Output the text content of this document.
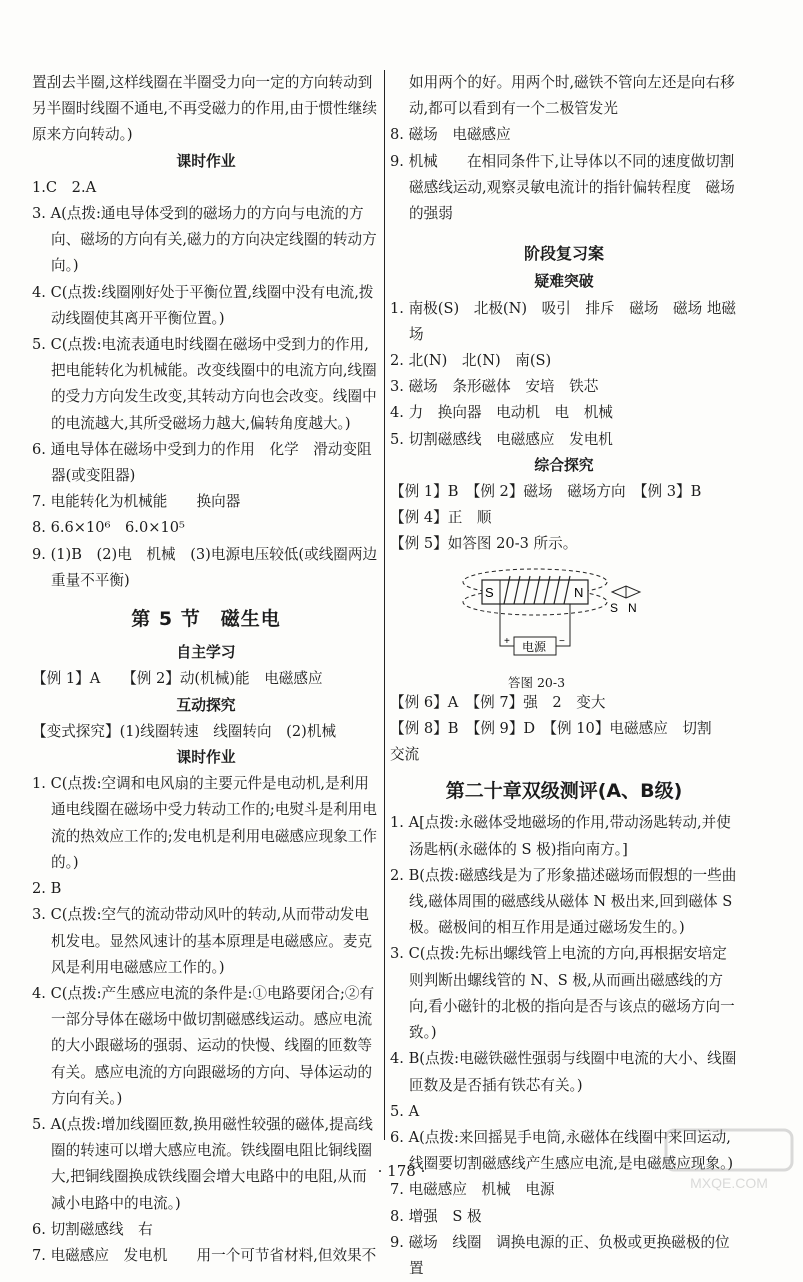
置刮去半圈,这样线圈在半圈受力向一定的方向转动到另半圈时线圈不通电,不再受磁力的作用,由于惯性继续原来方向转动。)

课时作业

1.C　2.A

3. A(点拨:通电导体受到的磁场力的方向与电流的方向、磁场的方向有关,磁力的方向决定线圈的转动方向。)

4. C(点拨:线圈刚好处于平衡位置,线圈中没有电流,拨动线圈使其离开平衡位置。)

5. C(点拨:电流表通电时线圈在磁场中受到力的作用,把电能转化为机械能。改变线圈中的电流方向,线圈的受力方向发生改变,其转动方向也会改变。线圈中的电流越大,其所受磁场力越大,偏转角度越大。)

6. 通电导体在磁场中受到力的作用　化学　滑动变阻器(或变阻器)

7. 电能转化为机械能　　换向器

8. 6.6×10⁶　6.0×10⁵

9. (1)B　(2)电　机械　(3)电源电压较低(或线圈两边重量不平衡)

第 5 节　磁生电

自主学习

【例 1】A　　【例 2】动(机械)能　电磁感应

互动探究

【变式探究】(1)线圈转速　线圈转向　(2)机械

课时作业

1. C(点拨:空调和电风扇的主要元件是电动机,是利用通电线圈在磁场中受力转动工作的;电熨斗是利用电流的热效应工作的;发电机是利用电磁感应现象工作的。)

2. B

3. C(点拨:空气的流动带动风叶的转动,从而带动发电机发电。显然风速计的基本原理是电磁感应。麦克风是利用电磁感应工作的。)

4. C(点拨:产生感应电流的条件是:①电路要闭合;②有一部分导体在磁场中做切割磁感线运动。感应电流的大小跟磁场的强弱、运动的快慢、线圈的匝数等有关。感应电流的方向跟磁场的方向、导体运动的方向有关。)

5. A(点拨:增加线圈匝数,换用磁性较强的磁体,提高线圈的转速可以增大感应电流。铁线圈电阻比铜线圈大,把铜线圈换成铁线圈会增大电路中的电阻,从而减小电路中的电流。)

6. 切割磁感线　右

7. 电磁感应　发电机　　用一个可节省材料,但效果不

如用两个的好。用两个时,磁铁不管向左还是向右移动,都可以看到有一个二极管发光

8. 磁场　电磁感应

9. 机械　　在相同条件下,让导体以不同的速度做切割磁感线运动,观察灵敏电流计的指针偏转程度　磁场的强弱

阶段复习案

疑难突破

1. 南极(S)　北极(N)　吸引　排斥　磁场　磁场 地磁场

2. 北(N)　北(N)　南(S)

3. 磁场　条形磁体　安培　铁芯

4. 力　换向器　电动机　电　机械

5. 切割磁感线　电磁感应　发电机

综合探究

【例 1】B　【例 2】磁场　磁场方向　【例 3】B

【例 4】正　顺

【例 5】如答图 20-3 所示。

S	N
电源
+	−
S N
答图 20-3

【例 6】A　【例 7】强　2　变大

【例 8】B　【例 9】D　【例 10】电磁感应　切割　交流

第二十章双级测评(A、B级)

1. A[点拨:永磁体受地磁场的作用,带动汤匙转动,并使汤匙柄(永磁体的 S 极)指向南方。]

2. B(点拨:磁感线是为了形象描述磁场而假想的一些曲线,磁体周围的磁感线从磁体 N 极出来,回到磁体 S 极。磁极间的相互作用是通过磁场发生的。)

3. C(点拨:先标出螺线管上电流的方向,再根据安培定则判断出螺线管的 N、S 极,从而画出磁感线的方向,看小磁针的北极的指向是否与该点的磁场方向一致。)

4. B(点拨:电磁铁磁性强弱与线圈中电流的大小、线圈匝数及是否插有铁芯有关。)

5. A

6. A(点拨:来回摇晃手电筒,永磁体在线圈中来回运动,线圈要切割磁感线产生感应电流,是电磁感应现象。)

7. 电磁感应　机械　电源

8. 增强　S 极

9. 磁场　线圈　调换电源的正、负极或更换磁极的位置

· 178 ·
MXQE.COM
